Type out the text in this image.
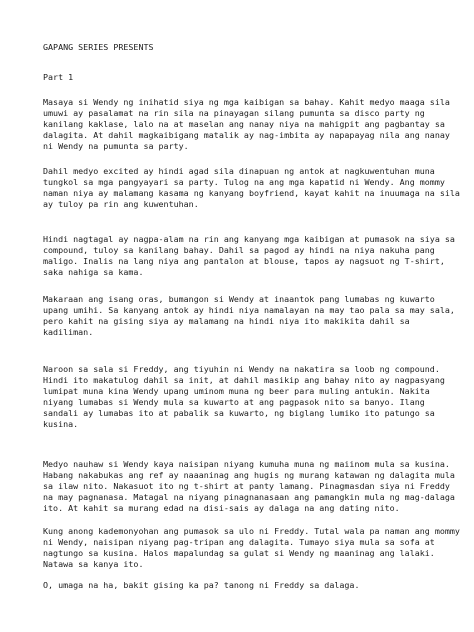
GAPANG SERIES PRESENTS
Part 1
Masaya si Wendy ng inihatid siya ng mga kaibigan sa bahay. Kahit medyo maaga sila
umuwi ay pasalamat na rin sila na pinayagan silang pumunta sa disco party ng
kanilang kaklase, lalo na at maselan ang nanay niya na mahigpit ang pagbantay sa
dalagita. At dahil magkaibigang matalik ay nag-imbita ay napapayag nila ang nanay
ni Wendy na pumunta sa party.
Dahil medyo excited ay hindi agad sila dinapuan ng antok at nagkuwentuhan muna
tungkol sa mga pangyayari sa party. Tulog na ang mga kapatid ni Wendy. Ang mommy
naman niya ay malamang kasama ng kanyang boyfriend, kayat kahit na inuumaga na sila
ay tuloy pa rin ang kuwentuhan.
Hindi nagtagal ay nagpa-alam na rin ang kanyang mga kaibigan at pumasok na siya sa
compound, tuloy sa kanilang bahay. Dahil sa pagod ay hindi na niya nakuha pang
maligo. Inalis na lang niya ang pantalon at blouse, tapos ay nagsuot ng T-shirt,
saka nahiga sa kama.
Makaraan ang isang oras, bumangon si Wendy at inaantok pang lumabas ng kuwarto
upang umihi. Sa kanyang antok ay hindi niya namalayan na may tao pala sa may sala,
pero kahit na gising siya ay malamang na hindi niya ito makikita dahil sa
kadiliman.
Naroon sa sala si Freddy, ang tiyuhin ni Wendy na nakatira sa loob ng compound.
Hindi ito makatulog dahil sa init, at dahil masikip ang bahay nito ay nagpasyang
lumipat muna kina Wendy upang uminom muna ng beer para muling antukin. Nakita
niyang lumabas si Wendy mula sa kuwarto at ang pagpasok nito sa banyo. Ilang
sandali ay lumabas ito at pabalik sa kuwarto, ng biglang lumiko ito patungo sa
kusina.
Medyo nauhaw si Wendy kaya naisipan niyang kumuha muna ng maiinom mula sa kusina.
Habang nakabukas ang ref ay naaaninag ang hugis ng murang katawan ng dalagita mula
sa ilaw nito. Nakasuot ito ng t-shirt at panty lamang. Pinagmasdan siya ni Freddy
na may pagnanasa. Matagal na niyang pinagnanasaan ang pamangkin mula ng mag-dalaga
ito. At kahit sa murang edad na disi-sais ay dalaga na ang dating nito.
Kung anong kademonyohan ang pumasok sa ulo ni Freddy. Tutal wala pa naman ang mommy
ni Wendy, naisipan niyang pag-tripan ang dalagita. Tumayo siya mula sa sofa at
nagtungo sa kusina. Halos mapalundag sa gulat si Wendy ng maaninag ang lalaki.
Natawa sa kanya ito.
O, umaga na ha, bakit gising ka pa? tanong ni Freddy sa dalaga.
